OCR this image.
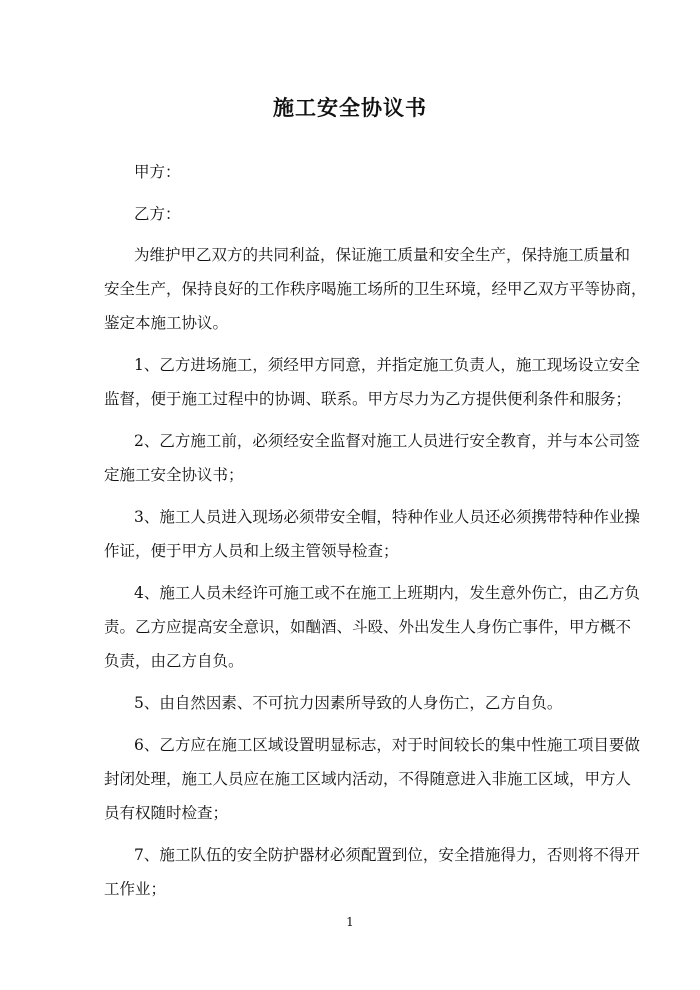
施工安全协议书
甲方：
乙方：
为维护甲乙双方的共同利益，保证施工质量和安全生产，保持施工质量和
安全生产，保持良好的工作秩序喝施工场所的卫生环境，经甲乙双方平等协商，
鉴定本施工协议。
1、乙方进场施工，须经甲方同意，并指定施工负责人，施工现场设立安全
监督，便于施工过程中的协调、联系。甲方尽力为乙方提供便利条件和服务；
2、乙方施工前，必须经安全监督对施工人员进行安全教育，并与本公司签
定施工安全协议书；
3、施工人员进入现场必须带安全帽，特种作业人员还必须携带特种作业操
作证，便于甲方人员和上级主管领导检查；
4、施工人员未经许可施工或不在施工上班期内，发生意外伤亡，由乙方负
责。乙方应提高安全意识，如酗酒、斗殴、外出发生人身伤亡事件，甲方概不
负责，由乙方自负。
5、由自然因素、不可抗力因素所导致的人身伤亡，乙方自负。
6、乙方应在施工区域设置明显标志，对于时间较长的集中性施工项目要做
封闭处理，施工人员应在施工区域内活动，不得随意进入非施工区域，甲方人
员有权随时检查；
7、施工队伍的安全防护器材必须配置到位，安全措施得力，否则将不得开
工作业；
1
